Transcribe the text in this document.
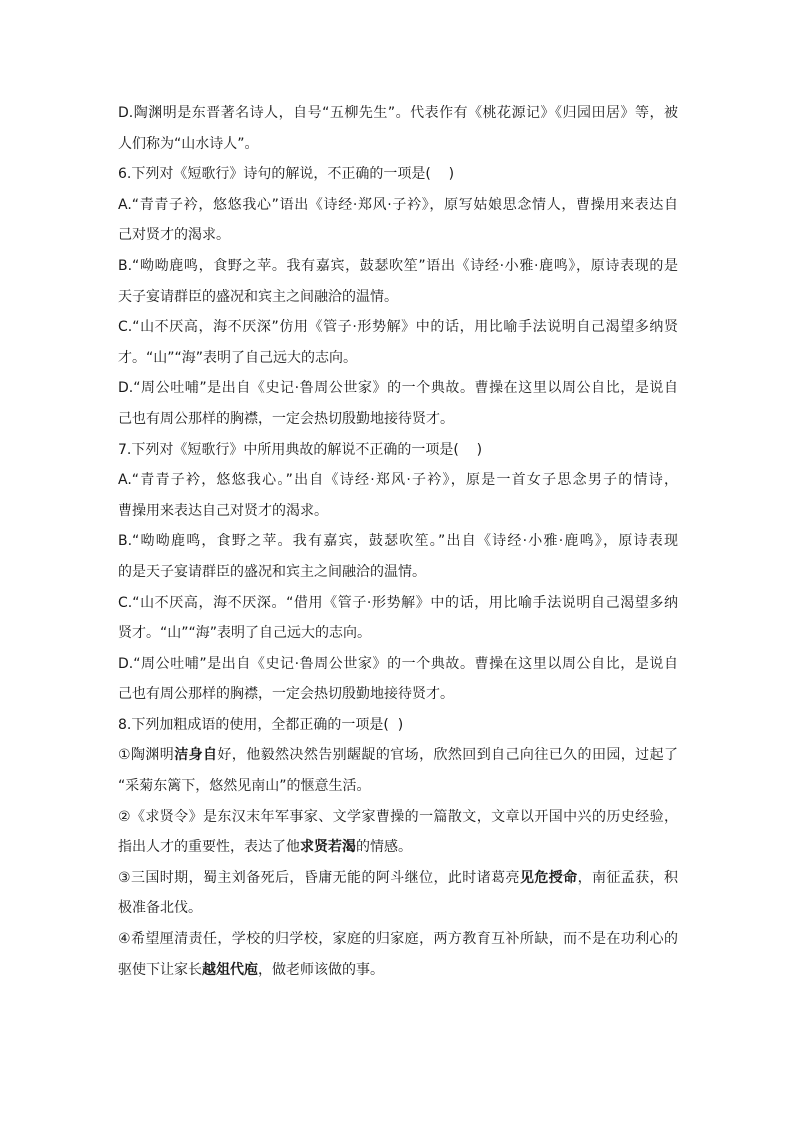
D.陶渊明是东晋著名诗人，自号“五柳先生”。代表作有《桃花源记》《归园田居》等，被
人们称为“山水诗人”。
6.下列对《短歌行》诗句的解说，不正确的一项是(    )
A.“青青子衿，悠悠我心”语出《诗经·郑风·子衿》，原写姑娘思念情人，曹操用来表达自
己对贤才的渴求。
B.“呦呦鹿鸣，食野之苹。我有嘉宾，鼓瑟吹笙”语出《诗经·小雅·鹿鸣》，原诗表现的是
天子宴请群臣的盛况和宾主之间融洽的温情。
C.“山不厌高，海不厌深”仿用《管子·形势解》中的话，用比喻手法说明自己渴望多纳贤
才。“山”“海”表明了自己远大的志向。
D.“周公吐哺”是出自《史记·鲁周公世家》的一个典故。曹操在这里以周公自比，是说自
己也有周公那样的胸襟，一定会热切殷勤地接待贤才。
7.下列对《短歌行》中所用典故的解说不正确的一项是(    )
A.“青青子衿，悠悠我心。”出自《诗经·郑风·子衿》，原是一首女子思念男子的情诗，
曹操用来表达自己对贤才的渴求。
B.“呦呦鹿鸣，食野之苹。我有嘉宾，鼓瑟吹笙。”出自《诗经·小雅·鹿鸣》，原诗表现
的是天子宴请群臣的盛况和宾主之间融洽的温情。
C.“山不厌高，海不厌深。“借用《管子·形势解》中的话，用比喻手法说明自己渴望多纳
贤才。“山”“海”表明了自己远大的志向。
D.“周公吐哺”是出自《史记·鲁周公世家》的一个典故。曹操在这里以周公自比，是说自
己也有周公那样的胸襟，一定会热切殷勤地接待贤才。
8.下列加粗成语的使用，全都正确的一项是(  )
①陶渊明洁身自好，他毅然决然告别龌龊的官场，欣然回到自己向往已久的田园，过起了
“采菊东篱下，悠然见南山”的惬意生活。
②《求贤令》是东汉末年军事家、文学家曹操的一篇散文，文章以开国中兴的历史经验，
指出人才的重要性，表达了他求贤若渴的情感。
③三国时期，蜀主刘备死后，昏庸无能的阿斗继位，此时诸葛亮见危授命，南征孟获，积
极准备北伐。
④希望厘清责任，学校的归学校，家庭的归家庭，两方教育互补所缺，而不是在功利心的
驱使下让家长越俎代庖，做老师该做的事。
